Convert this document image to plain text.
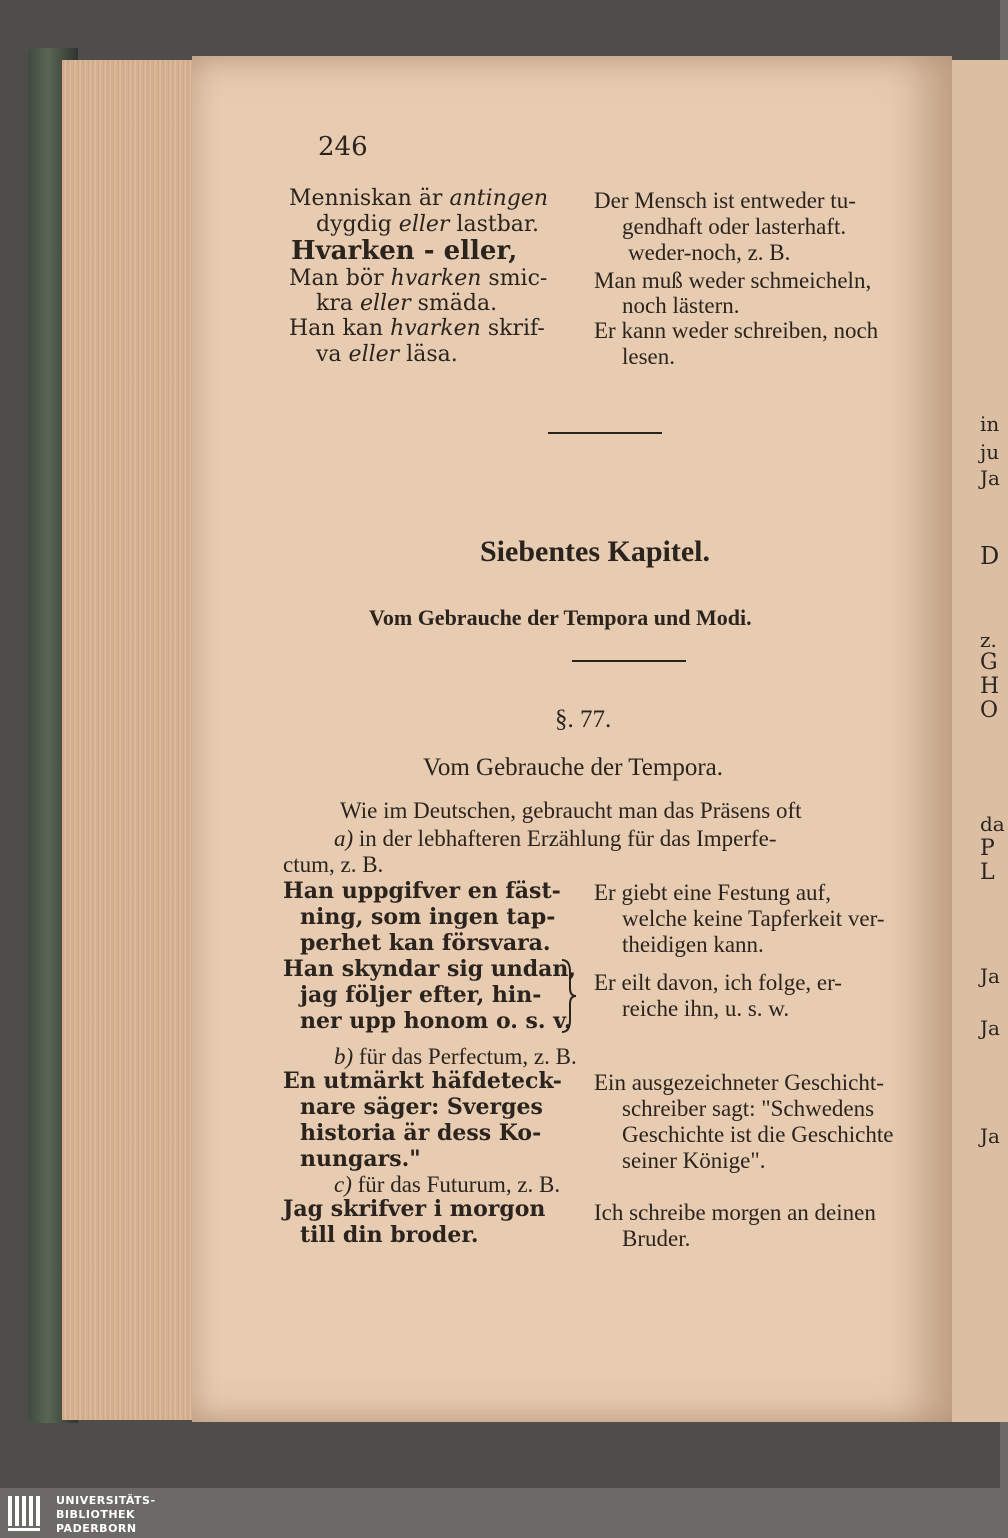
246
Menniskan är antingen
dygdig eller lastbar.
Hvarken - eller,
Man bör hvarken smic-
kra eller smäda.
Han kan hvarken skrif-
va eller läsa.
Der Mensch ist entweder tu-
gendhaft oder lasterhaft.
weder-noch, z. B.
Man muß weder schmeicheln,
noch lästern.
Er kann weder schreiben, noch
lesen.
Siebentes Kapitel.
Vom Gebrauche der Tempora und Modi.
§. 77.
Vom Gebrauche der Tempora.
Wie im Deutschen, gebraucht man das Präsens oft
a) in der lebhafteren Erzählung für das Imperfe-
ctum, z. B.
Han uppgifver en fäst-
ning, som ingen tap-
perhet kan försvara.
Er giebt eine Festung auf,
welche keine Tapferkeit ver-
theidigen kann.
Han skyndar sig undan,
jag följer efter, hin-
ner upp honom o. s. v.
Er eilt davon, ich folge, er-
reiche ihn, u. s. w.
b) für das Perfectum, z. B.
En utmärkt häfdeteck-
nare säger: Sverges
historia är dess Ko-
nungars."
Ein ausgezeichneter Geschicht-
schreiber sagt: "Schwedens
Geschichte ist die Geschichte
seiner Könige".
c) für das Futurum, z. B.
Jag skrifver i morgon
till din broder.
Ich schreibe morgen an deinen
Bruder.
in
ju
Ja
D
z.
G
H
O
da
P
L
Ja
Ja
Ja
UNIVERSITÄTS-
BIBLIOTHEK
PADERBORN
